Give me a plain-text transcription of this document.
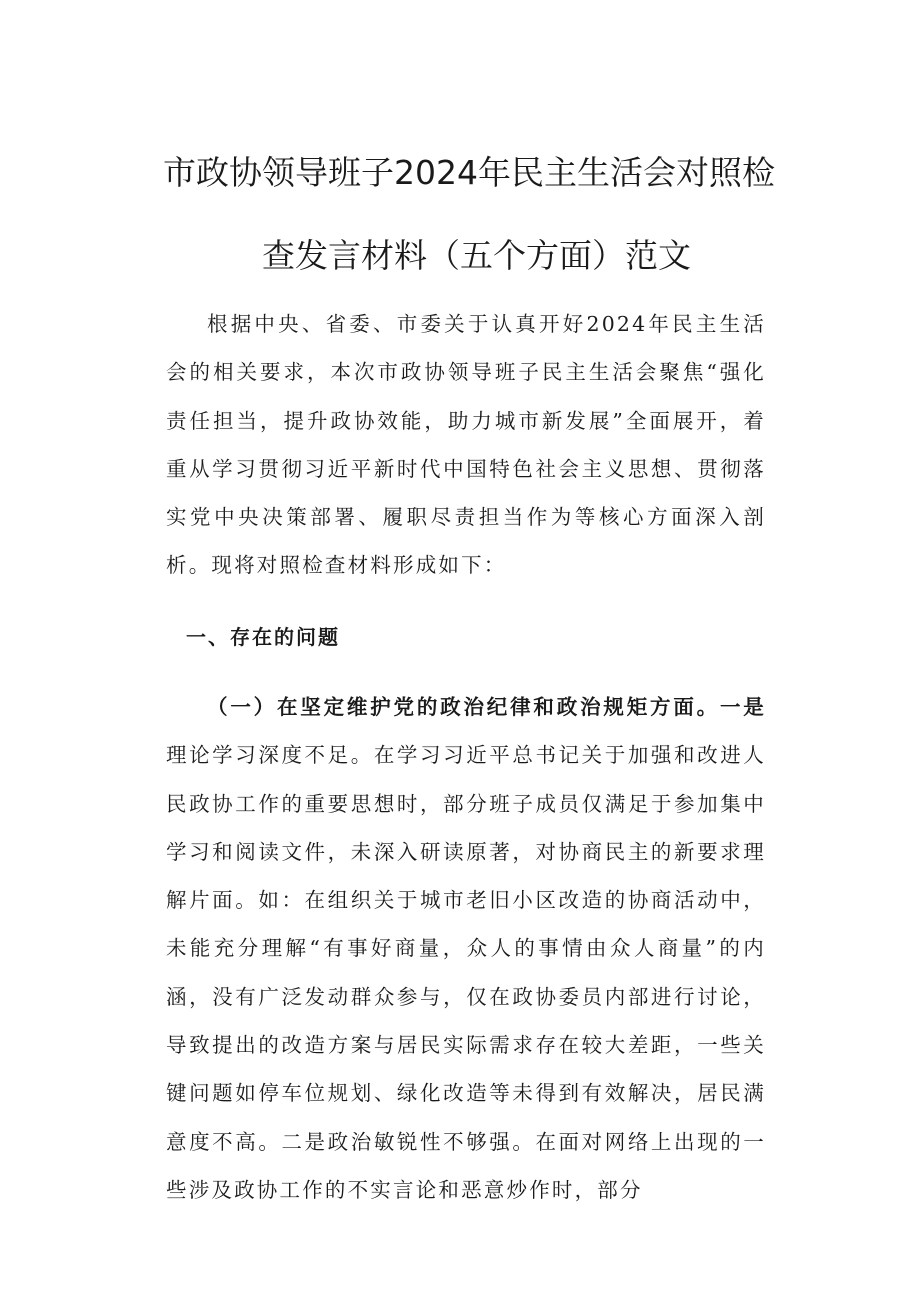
市政协领导班子2024年民主生活会对照检
查发言材料（五个方面）范文

根据中央、省委、市委关于认真开好2024年民主生活会的相关要求，本次市政协领导班子民主生活会聚焦“强化责任担当，提升政协效能，助力城市新发展”全面展开，着重从学习贯彻习近平新时代中国特色社会主义思想、贯彻落实党中央决策部署、履职尽责担当作为等核心方面深入剖析。现将对照检查材料形成如下：

一、存在的问题

（一）在坚定维护党的政治纪律和政治规矩方面。一是理论学习深度不足。在学习习近平总书记关于加强和改进人民政协工作的重要思想时，部分班子成员仅满足于参加集中学习和阅读文件，未深入研读原著，对协商民主的新要求理解片面。如：在组织关于城市老旧小区改造的协商活动中，未能充分理解“有事好商量，众人的事情由众人商量”的内涵，没有广泛发动群众参与，仅在政协委员内部进行讨论，导致提出的改造方案与居民实际需求存在较大差距，一些关键问题如停车位规划、绿化改造等未得到有效解决，居民满意度不高。二是政治敏锐性不够强。在面对网络上出现的一些涉及政协工作的不实言论和恶意炒作时，部分
